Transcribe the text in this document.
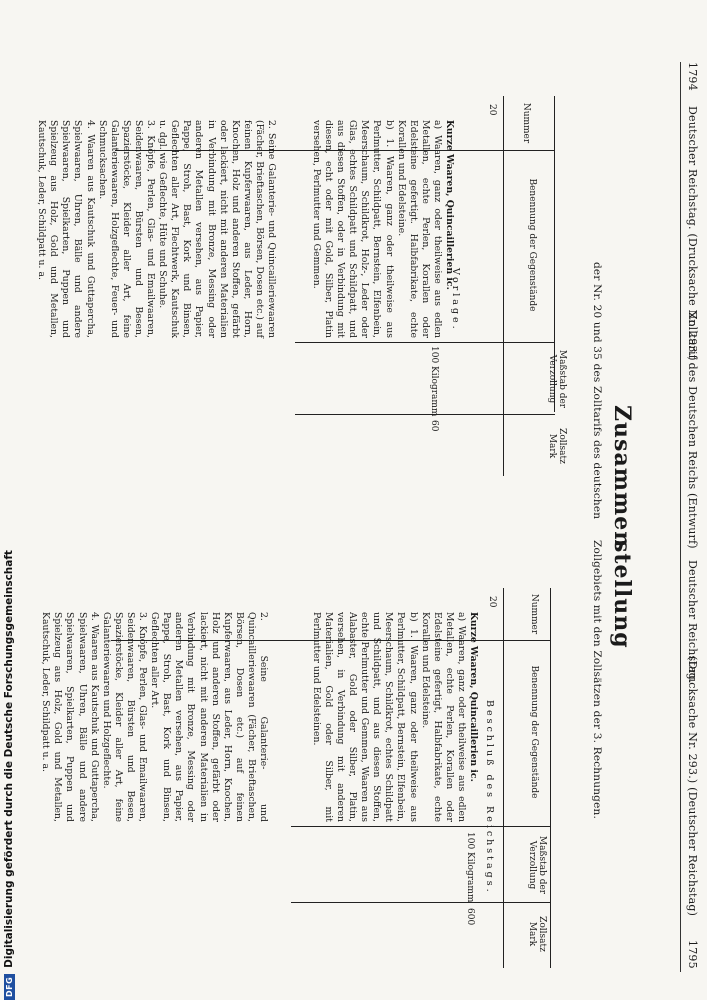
1794
Deutscher Reichstag. (Drucksache Nr. 293.)
Zolltarif des Deutschen Reichs (Entwurf)
Deutscher Reichstag.
(Drucksache Nr. 293.) (Deutscher Reichstag)
1795
Zusammen
stellung
der Nr. 20 und 35 des Zolltarifs des deutschen
Zollgebiets mit den Zollsätzen der 3. Rechnungen.
Zollsatz Mark
Maßstab der Verzollung
Benennung der Gegenstände
Nummer
Vorlage.
20
100 Kilogramm
60

Kurze Waaren, Quincaillerien ic.

a) Waaren, ganz oder theilweise aus edlen Metallen, echte Perlen, Korallen oder Edelsteine gefertigt. Halbfabrikate, echte Korallen und Edelsteine.

b) 1. Waaren, ganz oder theilweise aus Perlmutter, Schildpatt, Bernstein, Elfenbein, Meerschaum, Schildkrot, Holz-, Leder oder Glas, echtes Schildpatt und Schildpatt, und aus diesen Stoffen, oder in Verbindung mit diesen, echt oder mit Gold, Silber, Platin versehen, Perlmutter und Gemmen.

2. Seine Galanterie- und Quincailleriewaaren (Fächer, Brieftaschen, Börsen, Dosen etc.) auf feinen Kupferwaaren, aus Leder, Horn, Knochen, Holz und anderen Stoffen, gefärbt oder lackiert, nicht mit anderen Materialien in Verbindung mit Bronze, Messing oder anderen Metallen versehen, aus Papier, Pappe, Stroh, Bast, Kork und Binsen, Geflechten aller Art, Flechtwerk, Kautschuk u. dgl. wie Geflechte, Hüte und Schuhe.

3. Knöpfe, Perlen, Glas- und Emailwaaren, Seidenwaaren, Bürsten und Besen, Spazierstöcke, Kleider aller Art, feine Galanteriewaaren, Holzgeflechte, Feuer- und Schmucksachen.

4. Waaren aus Kautschuk und Guttapercha, Spielwaaren, Uhren, Bälle und andere Spielwaaren, Spielkarten, Puppen und Spielzeug aus Holz, Gold und Metallen, Kautschuk, Leder, Schildpatt u. a.

Nummer
Benennung der Gegenstände
Maßstab der Verzollung
Zollsatz Mark
Beschluß des Reichstags.
20
100 Kilogramm
600

Kurze Waaren, Quincaillerien ic.

a) Waaren, ganz oder theilweise aus edlen Metallen, echte Perlen, Korallen oder Edelsteine gefertigt, Halbfabrikate, echte Korallen und Edelsteine.

b) 1. Waaren, ganz oder theilweise aus Perlmutter, Schildpatt, Bernstein, Elfenbein, Meerschaum, Schildkrot, echtes Schildpatt und Schildpatt, und aus diesen Stoffen, echte Perlmutter und Gemmen, Waaren aus Alabaster, Gold oder Silber, Platin, versehen, in Verbindung mit anderen Materialien, Gold oder Silber, mit Perlmutter und Edelsteinen.

2. Seine Galanterie- und Quincailleriewaaren (Fächer, Brieftaschen, Börsen, Dosen etc.) auf feinen Kupferwaaren, aus Leder, Horn, Knochen, Holz und anderen Stoffen, gefärbt oder lackiert, nicht mit anderen Materialien in Verbindung mit Bronze, Messing oder anderen Metallen versehen, aus Papier, Pappe, Stroh, Bast, Kork und Binsen, Geflechten aller Art.

3. Knöpfe, Perlen, Glas- und Emailwaaren, Seidenwaaren, Bürsten und Besen, Spazierstöcke, Kleider aller Art, feine Galanteriewaaren und Holzgeflechte.

4. Waaren aus Kautschuk und Guttapercha, Spielwaaren, Uhren, Bälle und andere Spielwaaren, Spielkarten, Puppen und Spielzeug aus Holz, Gold und Metallen, Kautschuk, Leder, Schildpatt u. a.

DFG
Digitalisierung gefördert durch die Deutsche Forschungsgemeinschaft
